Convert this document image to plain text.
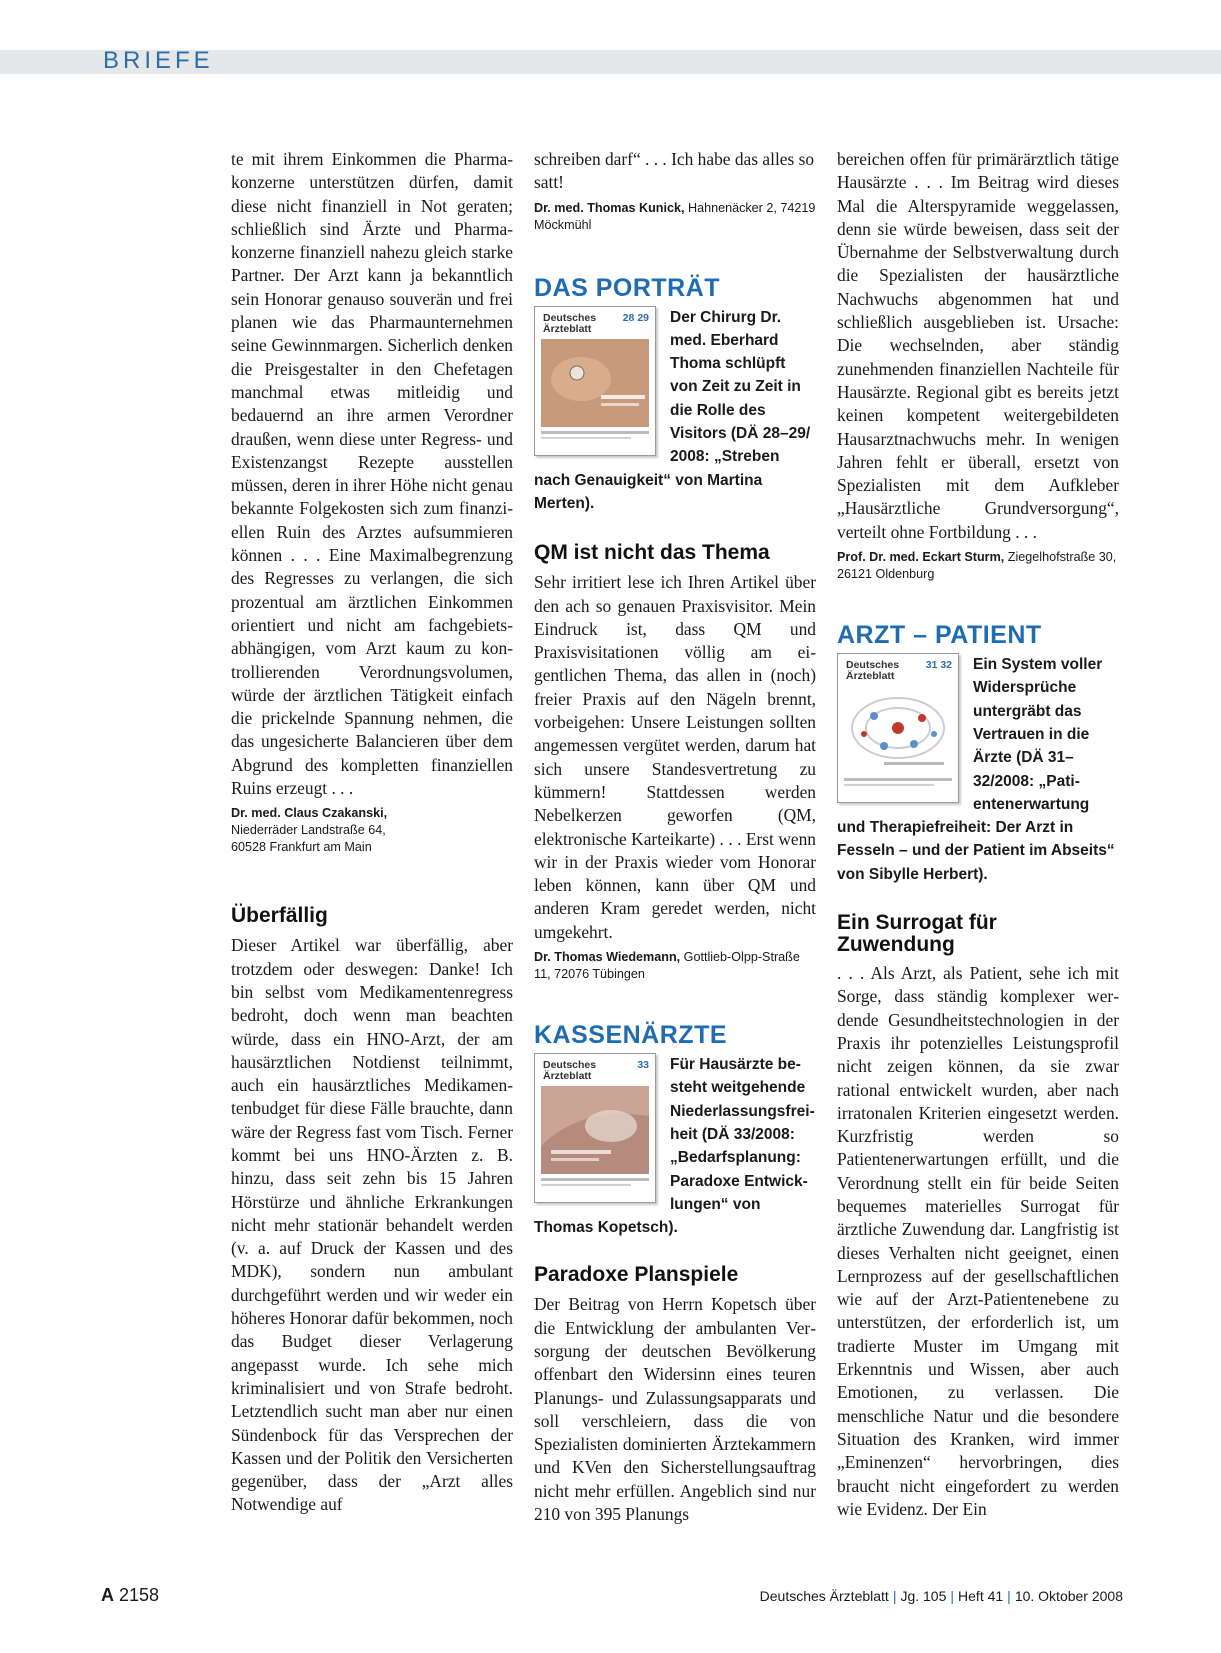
BRIEFE

te mit ihrem Einkommen die Pharmakonzerne unterstützen dürfen, damit diese nicht finanziell in Not geraten; schließlich sind Ärzte und Pharmakonzerne finanziell nahezu gleich starke Partner. Der Arzt kann ja bekanntlich sein Honorar genauso souverän und frei planen wie das Pharmaunternehmen seine Gewinnmargen. Sicherlich denken die Preisgestalter in den Chefetagen manchmal etwas mitleidig und bedauernd an ihre armen Verordner draußen, wenn diese unter Regress- und Existenzangst Rezepte ausstellen müssen, deren in ihrer Höhe nicht genau bekannte Folgekosten sich zum finanziellen Ruin des Arztes aufsummieren können . . . Eine Maximalbegrenzung des Regresses zu verlangen, die sich prozentual am ärztlichen Einkommen orientiert und nicht am fachgebietsabhängigen, vom Arzt kaum zu kontrollierenden Verordnungsvolumen, würde der ärztlichen Tätigkeit einfach die prickelnde Spannung nehmen, die das ungesicherte Balancieren über dem Abgrund des kompletten finanziellen Ruins erzeugt . . .

Dr. med. Claus Czakanski,
Niederräder Landstraße 64,
60528 Frankfurt am Main
Überfällig

Dieser Artikel war überfällig, aber trotzdem oder deswegen: Danke! Ich bin selbst vom Medikamentenregress bedroht, doch wenn man beachten würde, dass ein HNO-Arzt, der am hausärztlichen Notdienst teilnimmt, auch ein hausärztliches Medikamentenbudget für diese Fälle brauchte, dann wäre der Regress fast vom Tisch. Ferner kommt bei uns HNO-Ärzten z. B. hinzu, dass seit zehn bis 15 Jahren Hörstürze und ähnliche Erkrankungen nicht mehr stationär behandelt werden (v. a. auf Druck der Kassen und des MDK), sondern nun ambulant durchgeführt werden und wir weder ein höheres Honorar dafür bekommen, noch das Budget dieser Verlagerung angepasst wurde. Ich sehe mich kriminalisiert und von Strafe bedroht. Letztendlich sucht man aber nur einen Sündenbock für das Versprechen der Kassen und der Politik den Versicherten gegenüber, dass der „Arzt alles Notwendige auf

schreiben darf“ . . . Ich habe das alles so satt!

Dr. med. Thomas Kunick, Hahnenäcker 2, 74219 Möckmühl
DAS PORTRÄT
Deutsches Ärzteblatt
28 29	Der Chirurg Dr. med. Eberhard Thoma schlüpft von Zeit zu Zeit in die Rolle des Visitors (DÄ 28–29/ 2008: „Streben nach Genauigkeit“ von Martina Merten).

QM ist nicht das Thema

Sehr irritiert lese ich Ihren Artikel über den ach so genauen Praxisvisitor. Mein Eindruck ist, dass QM und Praxisvisitationen völlig am eigentlichen Thema, das allen in (noch) freier Praxis auf den Nägeln brennt, vorbeigehen: Unsere Leistungen sollten angemessen vergütet werden, darum hat sich unsere Standesvertretung zu kümmern! Stattdessen werden Nebelkerzen geworfen (QM, elektronische Karteikarte) . . . Erst wenn wir in der Praxis wieder vom Honorar leben können, kann über QM und anderen Kram geredet werden, nicht umgekehrt.

Dr. Thomas Wiedemann, Gottlieb-Olpp-Straße 11, 72076 Tübingen
KASSENÄRZTE
Deutsches Ärzteblatt
33	Für Hausärzte besteht weitgehende Niederlassungsfreiheit (DÄ 33/2008: „Bedarfsplanung: Paradoxe Entwicklungen“ von Thomas Kopetsch).

Paradoxe Planspiele

Der Beitrag von Herrn Kopetsch über die Entwicklung der ambulanten Versorgung der deutschen Bevölkerung offenbart den Widersinn eines teuren Planungs- und Zulassungsapparats und soll verschleiern, dass die von Spezialisten dominierten Ärztekammern und KVen den Sicherstellungsauftrag nicht mehr erfüllen. Angeblich sind nur 210 von 395 Planungs

bereichen offen für primärärztlich tätige Hausärzte . . . Im Beitrag wird dieses Mal die Alterspyramide weggelassen, denn sie würde beweisen, dass seit der Übernahme der Selbstverwaltung durch die Spezialisten der hausärztliche Nachwuchs abgenommen hat und schließlich ausgeblieben ist. Ursache: Die wechselnden, aber ständig zunehmenden finanziellen Nachteile für Hausärzte. Regional gibt es bereits jetzt keinen kompetent weitergebildeten Hausarztnachwuchs mehr. In wenigen Jahren fehlt er überall, ersetzt von Spezialisten mit dem Aufkleber „Hausärztliche Grundversorgung“, verteilt ohne Fortbildung . . .

Prof. Dr. med. Eckart Sturm, Ziegelhofstraße 30, 26121 Oldenburg
ARZT – PATIENT
Deutsches Ärzteblatt
31 32	Ein System voller Widersprüche untergräbt das Vertrauen in die Ärzte (DÄ 31–32/2008: „Patientenerwartung und Therapiefreiheit: Der Arzt in Fesseln – und der Patient im Abseits“ von Sibylle Herbert).

Ein Surrogat für Zuwendung

. . . Als Arzt, als Patient, sehe ich mit Sorge, dass ständig komplexer werdende Gesundheitstechnologien in der Praxis ihr potenzielles Leistungsprofil nicht zeigen können, da sie zwar rational entwickelt wurden, aber nach irratonalen Kriterien eingesetzt werden. Kurzfristig werden so Patientenerwartungen erfüllt, und die Verordnung stellt ein für beide Seiten bequemes materielles Surrogat für ärztliche Zuwendung dar. Langfristig ist dieses Verhalten nicht geeignet, einen Lernprozess auf der gesellschaftlichen wie auf der Arzt-Patientenebene zu unterstützen, der erforderlich ist, um tradierte Muster im Umgang mit Erkenntnis und Wissen, aber auch Emotionen, zu verlassen. Die menschliche Natur und die besondere Situation des Kranken, wird immer „Eminenzen“ hervorbringen, dies braucht nicht eingefordert zu werden wie Evidenz. Der Ein

A 2158	Deutsches Ärzteblatt | Jg. 105 | Heft 41 | 10. Oktober 2008
